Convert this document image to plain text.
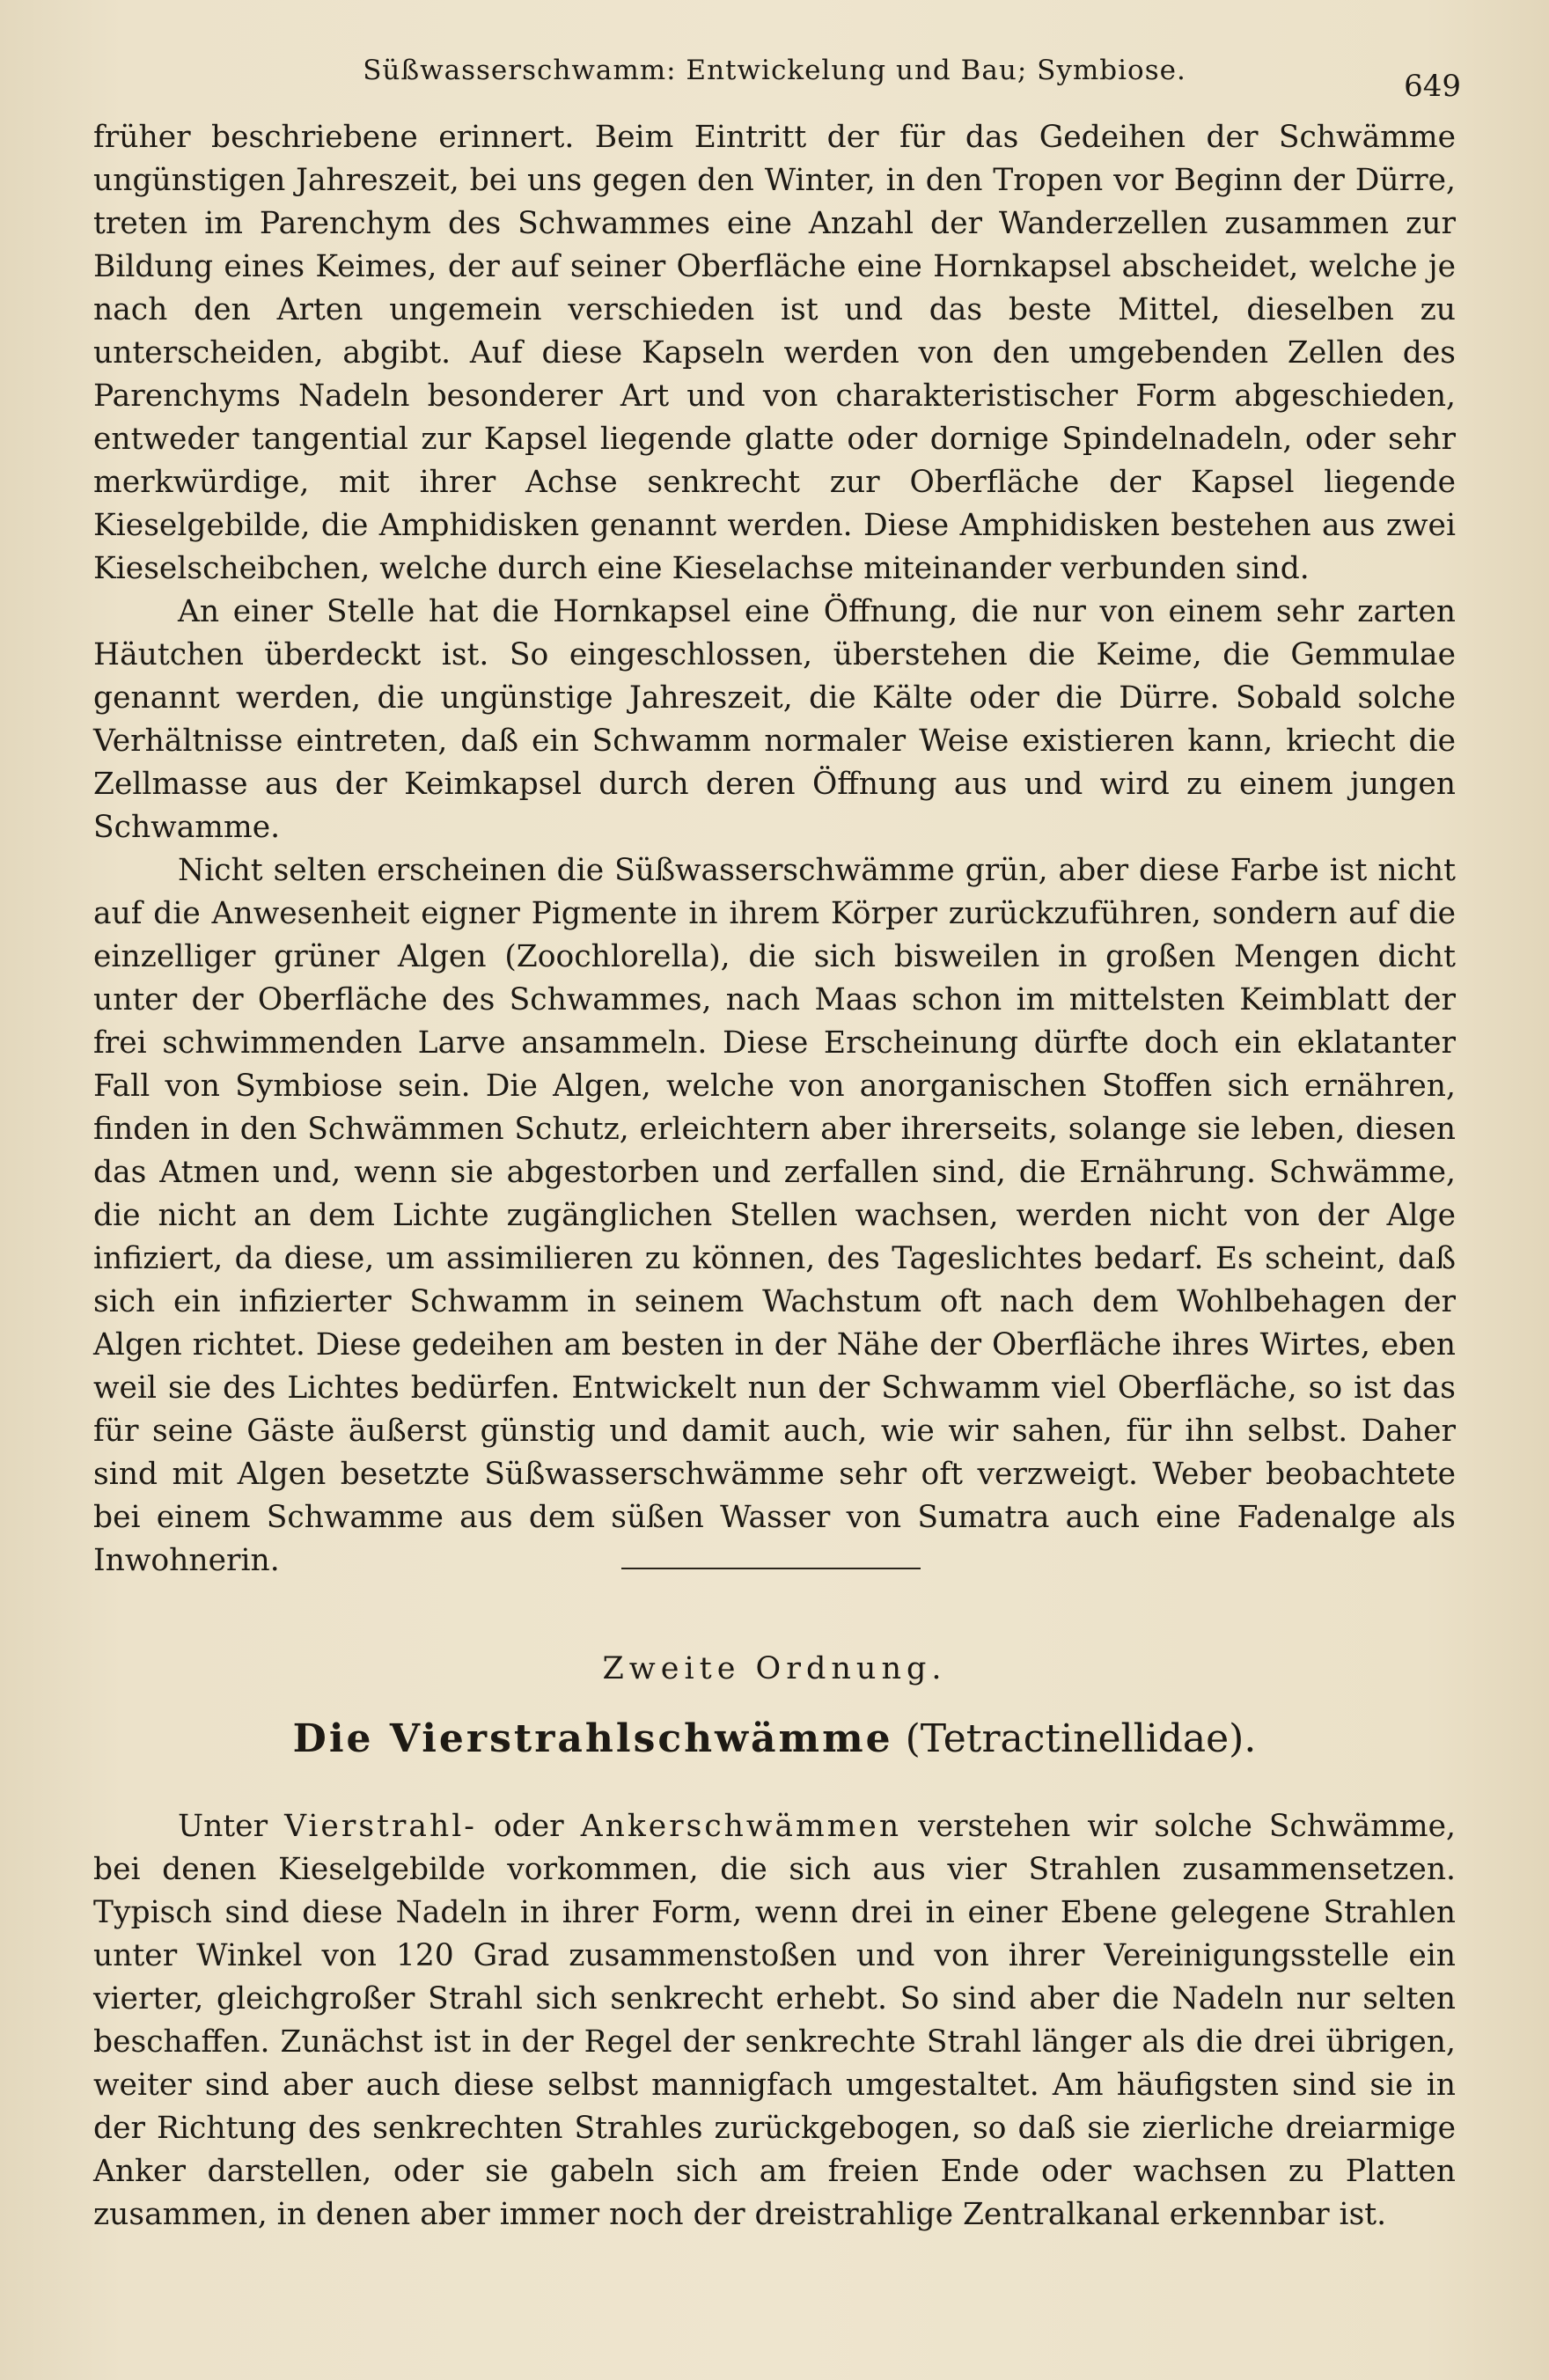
Süßwasserschwamm: Entwickelung und Bau; Symbiose.	649

früher beschriebene erinnert. Beim Eintritt der für das Gedeihen der Schwämme ungünstigen Jahreszeit, bei uns gegen den Winter, in den Tropen vor Beginn der Dürre, treten im Parenchym des Schwammes eine Anzahl der Wanderzellen zusammen zur Bildung eines Keimes, der auf seiner Oberfläche eine Hornkapsel abscheidet, welche je nach den Arten ungemein verschieden ist und das beste Mittel, dieselben zu unterscheiden, abgibt. Auf diese Kapseln werden von den umgebenden Zellen des Parenchyms Nadeln besonderer Art und von charakteristischer Form abgeschieden, entweder tangential zur Kapsel liegende glatte oder dornige Spindelnadeln, oder sehr merkwürdige, mit ihrer Achse senkrecht zur Oberfläche der Kapsel liegende Kieselgebilde, die Amphidisken genannt werden. Diese Amphidisken bestehen aus zwei Kieselscheibchen, welche durch eine Kieselachse miteinander verbunden sind.

An einer Stelle hat die Hornkapsel eine Öffnung, die nur von einem sehr zarten Häutchen überdeckt ist. So eingeschlossen, überstehen die Keime, die Gemmulae genannt werden, die ungünstige Jahreszeit, die Kälte oder die Dürre. Sobald solche Verhältnisse eintreten, daß ein Schwamm normaler Weise existieren kann, kriecht die Zellmasse aus der Keimkapsel durch deren Öffnung aus und wird zu einem jungen Schwamme.

Nicht selten erscheinen die Süßwasserschwämme grün, aber diese Farbe ist nicht auf die Anwesenheit eigner Pigmente in ihrem Körper zurückzuführen, sondern auf die einzelliger grüner Algen (Zoochlorella), die sich bisweilen in großen Mengen dicht unter der Oberfläche des Schwammes, nach Maas schon im mittelsten Keimblatt der frei schwimmenden Larve ansammeln. Diese Erscheinung dürfte doch ein eklatanter Fall von Symbiose sein. Die Algen, welche von anorganischen Stoffen sich ernähren, finden in den Schwämmen Schutz, erleichtern aber ihrerseits, solange sie leben, diesen das Atmen und, wenn sie abgestorben und zerfallen sind, die Ernährung. Schwämme, die nicht an dem Lichte zugänglichen Stellen wachsen, werden nicht von der Alge infiziert, da diese, um assimilieren zu können, des Tageslichtes bedarf. Es scheint, daß sich ein infizierter Schwamm in seinem Wachstum oft nach dem Wohlbehagen der Algen richtet. Diese gedeihen am besten in der Nähe der Oberfläche ihres Wirtes, eben weil sie des Lichtes bedürfen. Entwickelt nun der Schwamm viel Oberfläche, so ist das für seine Gäste äußerst günstig und damit auch, wie wir sahen, für ihn selbst. Daher sind mit Algen besetzte Süßwasserschwämme sehr oft verzweigt. Weber beobachtete bei einem Schwamme aus dem süßen Wasser von Sumatra auch eine Fadenalge als Inwohnerin.

Zweite Ordnung.
Die Vierstrahlschwämme (Tetractinellidae).

Unter Vierstrahl- oder Ankerschwämmen verstehen wir solche Schwämme, bei denen Kieselgebilde vorkommen, die sich aus vier Strahlen zusammensetzen. Typisch sind diese Nadeln in ihrer Form, wenn drei in einer Ebene gelegene Strahlen unter Winkel von 120 Grad zusammenstoßen und von ihrer Vereinigungsstelle ein vierter, gleichgroßer Strahl sich senkrecht erhebt. So sind aber die Nadeln nur selten beschaffen. Zunächst ist in der Regel der senkrechte Strahl länger als die drei übrigen, weiter sind aber auch diese selbst mannigfach umgestaltet. Am häufigsten sind sie in der Richtung des senkrechten Strahles zurückgebogen, so daß sie zierliche dreiarmige Anker darstellen, oder sie gabeln sich am freien Ende oder wachsen zu Platten zusammen, in denen aber immer noch der dreistrahlige Zentralkanal erkennbar ist.
